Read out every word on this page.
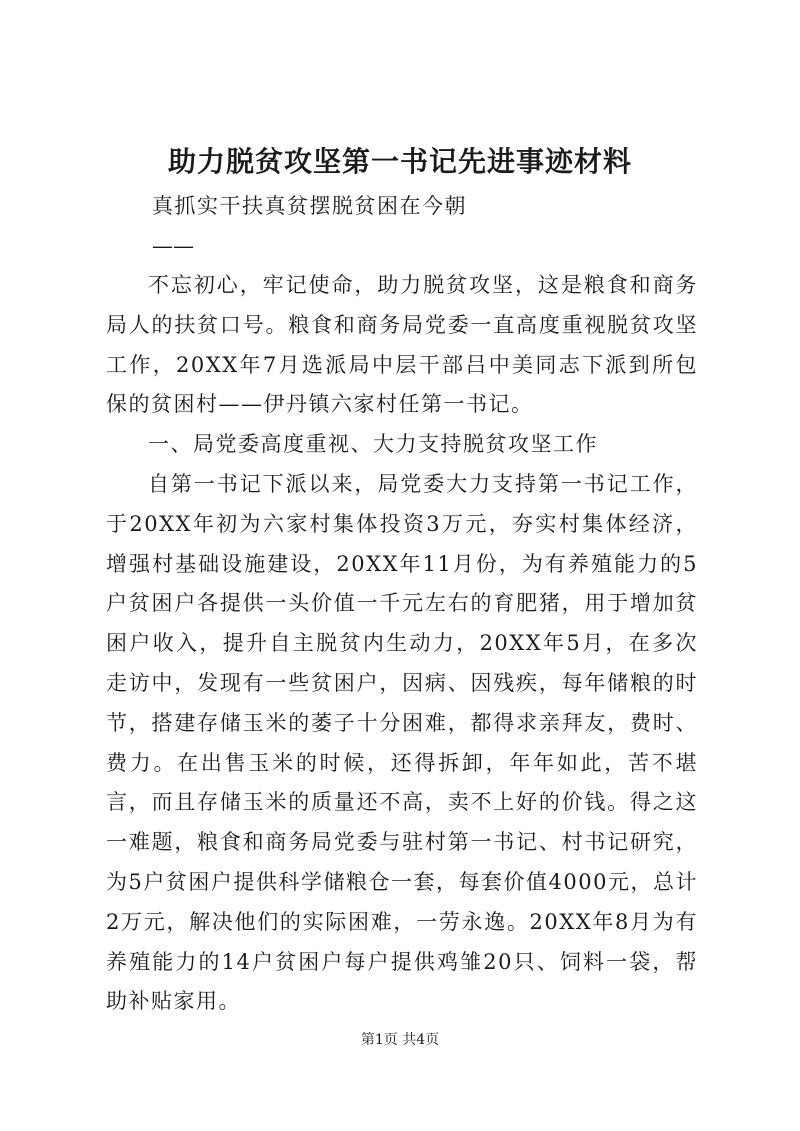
助力脱贫攻坚第一书记先进事迹材料
真抓实干扶真贫摆脱贫困在今朝
——

不忘初心，牢记使命，助力脱贫攻坚，这是粮食和商务局人的扶贫口号。粮食和商务局党委一直高度重视脱贫攻坚工作，20XX年7月选派局中层干部吕中美同志下派到所包保的贫困村——伊丹镇六家村任第一书记。

一、局党委高度重视、大力支持脱贫攻坚工作

自第一书记下派以来，局党委大力支持第一书记工作，于20XX年初为六家村集体投资3万元，夯实村集体经济，增强村基础设施建设，20XX年11月份，为有养殖能力的5户贫困户各提供一头价值一千元左右的育肥猪，用于增加贫困户收入，提升自主脱贫内生动力，20XX年5月，在多次走访中，发现有一些贫困户，因病、因残疾，每年储粮的时节，搭建存储玉米的萎子十分困难，都得求亲拜友，费时、费力。在出售玉米的时候，还得拆卸，年年如此，苦不堪言，而且存储玉米的质量还不高，卖不上好的价钱。得之这一难题，粮食和商务局党委与驻村第一书记、村书记研究，为5户贫困户提供科学储粮仓一套，每套价值4000元，总计2万元，解决他们的实际困难，一劳永逸。20XX年8月为有养殖能力的14户贫困户每户提供鸡雏20只、饲料一袋，帮助补贴家用。

第1页 共4页
